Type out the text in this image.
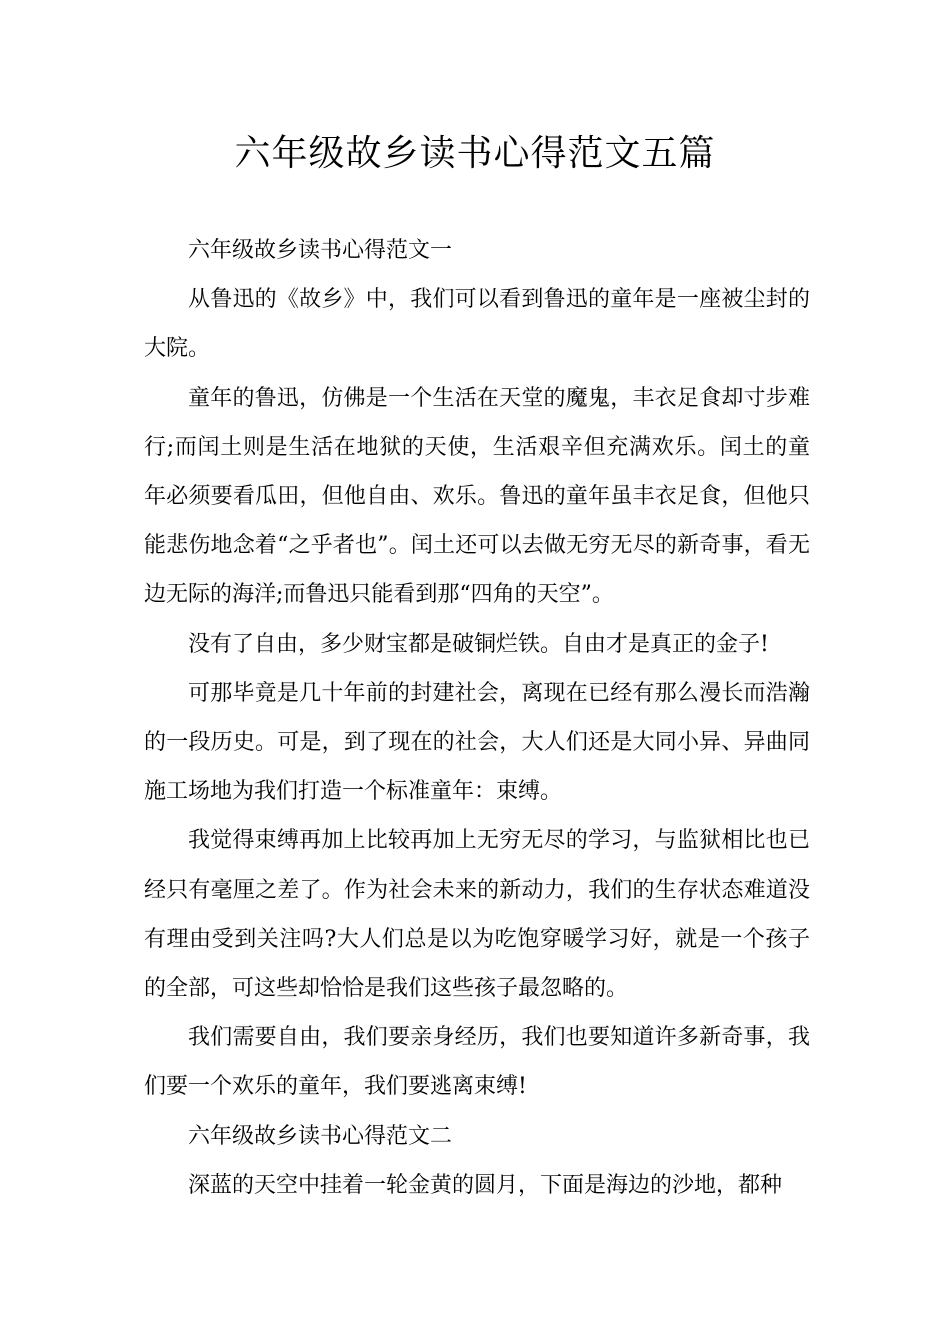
六年级故乡读书心得范文五篇

六年级故乡读书心得范文一

从鲁迅的《故乡》中，我们可以看到鲁迅的童年是一座被尘封的大院。

童年的鲁迅，仿佛是一个生活在天堂的魔鬼，丰衣足食却寸步难行;而闰土则是生活在地狱的天使，生活艰辛但充满欢乐。闰土的童年必须要看瓜田，但他自由、欢乐。鲁迅的童年虽丰衣足食，但他只能悲伤地念着“之乎者也”。闰土还可以去做无穷无尽的新奇事，看无边无际的海洋;而鲁迅只能看到那“四角的天空”。

没有了自由，多少财宝都是破铜烂铁。自由才是真正的金子!

可那毕竟是几十年前的封建社会，离现在已经有那么漫长而浩瀚的一段历史。可是，到了现在的社会，大人们还是大同小异、异曲同施工场地为我们打造一个标准童年：束缚。

我觉得束缚再加上比较再加上无穷无尽的学习，与监狱相比也已经只有毫厘之差了。作为社会未来的新动力，我们的生存状态难道没有理由受到关注吗?大人们总是以为吃饱穿暖学习好，就是一个孩子的全部，可这些却恰恰是我们这些孩子最忽略的。

我们需要自由，我们要亲身经历，我们也要知道许多新奇事，我们要一个欢乐的童年，我们要逃离束缚!

六年级故乡读书心得范文二

深蓝的天空中挂着一轮金黄的圆月，下面是海边的沙地，都种
